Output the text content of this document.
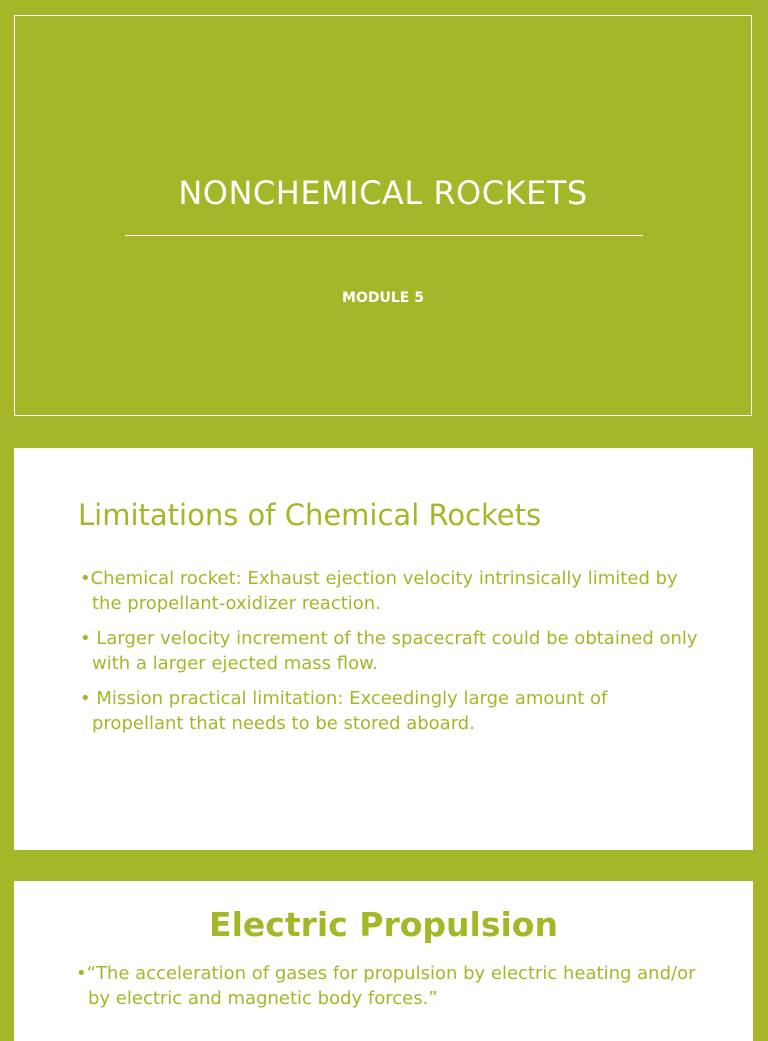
NONCHEMICAL ROCKETS
MODULE 5
Limitations of Chemical Rockets

•Chemical rocket: Exhaust ejection velocity intrinsically limited by the propellant-oxidizer reaction.

• Larger velocity increment of the spacecraft could be obtained only with a larger ejected mass flow.

• Mission practical limitation: Exceedingly large amount of propellant that needs to be stored aboard.

Electric Propulsion

•“The acceleration of gases for propulsion by electric heating and/or by electric and magnetic body forces.”
